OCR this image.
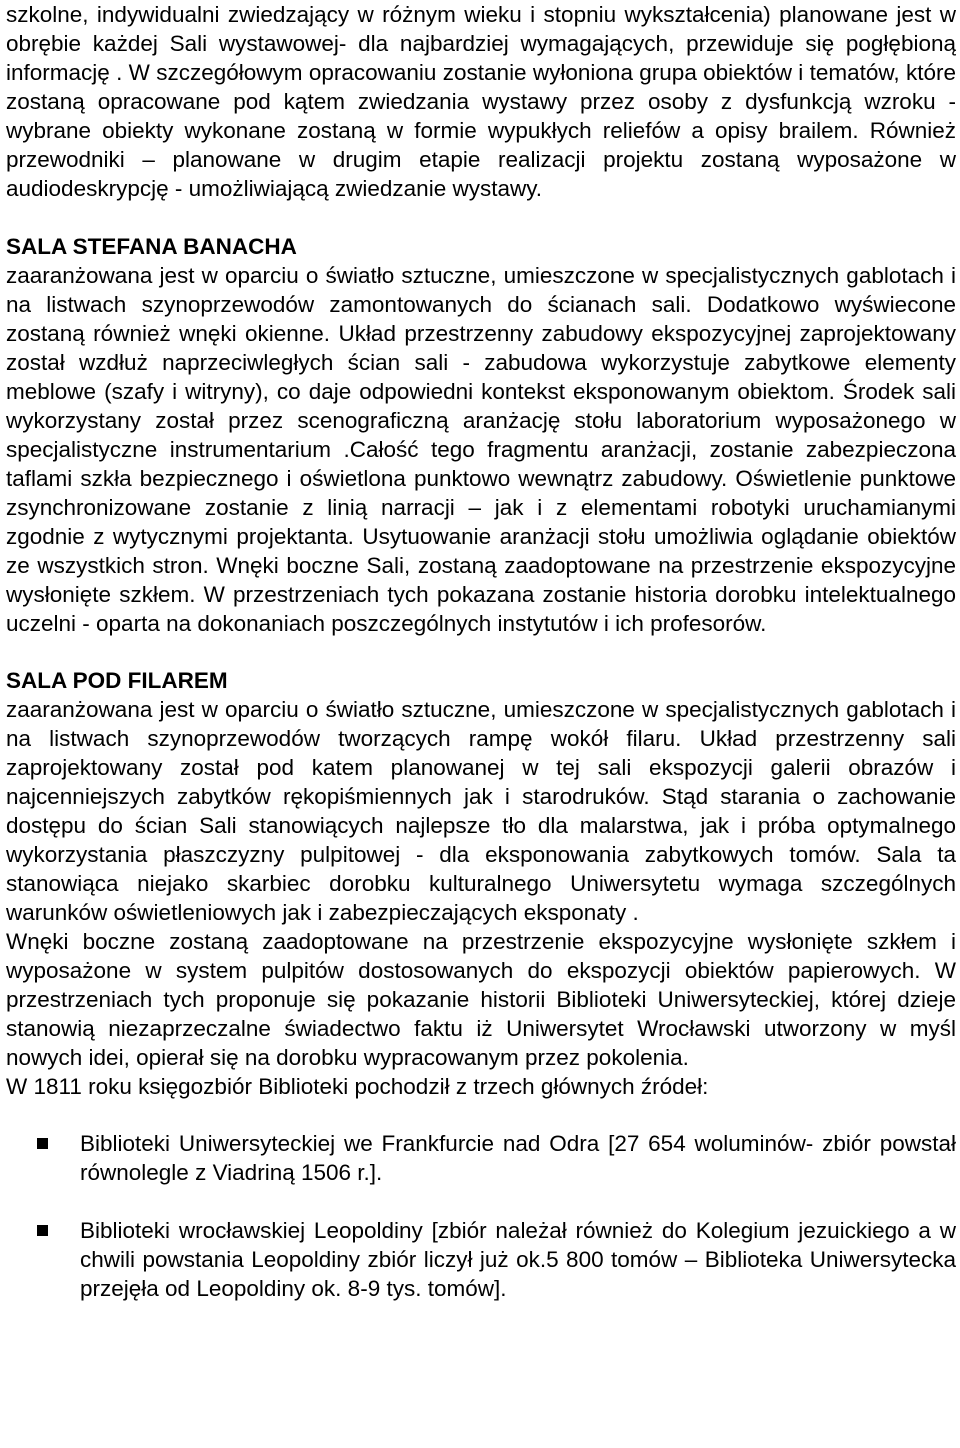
szkolne, indywidualni zwiedzający w różnym wieku i stopniu wykształcenia) planowane jest w obrębie każdej Sali wystawowej- dla najbardziej wymagających, przewiduje się pogłębioną informację . W szczegółowym opracowaniu zostanie wyłoniona grupa obiektów i tematów, które zostaną opracowane pod kątem zwiedzania wystawy przez osoby z dysfunkcją wzroku - wybrane obiekty wykonane zostaną w formie wypukłych reliefów a opisy brailem. Również przewodniki – planowane w drugim etapie realizacji projektu zostaną wyposażone w audiodeskrypcję - umożliwiającą zwiedzanie wystawy.

SALA STEFANA BANACHA

zaaranżowana jest w oparciu o światło sztuczne, umieszczone w specjalistycznych gablotach i na listwach szynoprzewodów zamontowanych do ścianach sali. Dodatkowo wyświecone zostaną również wnęki okienne. Układ przestrzenny zabudowy ekspozycyjnej zaprojektowany został wzdłuż naprzeciwległych ścian sali - zabudowa wykorzystuje zabytkowe elementy meblowe (szafy i witryny), co daje odpowiedni kontekst eksponowanym obiektom. Środek sali wykorzystany został przez scenograficzną aranżację stołu laboratorium wyposażonego w specjalistyczne instrumentarium .Całość tego fragmentu aranżacji, zostanie zabezpieczona taflami szkła bezpiecznego i oświetlona punktowo wewnątrz zabudowy. Oświetlenie punktowe zsynchronizowane zostanie z linią narracji – jak i z elementami robotyki uruchamianymi zgodnie z wytycznymi projektanta. Usytuowanie aranżacji stołu umożliwia oglądanie obiektów ze wszystkich stron. Wnęki boczne Sali, zostaną zaadoptowane na przestrzenie ekspozycyjne wysłonięte szkłem. W przestrzeniach tych pokazana zostanie historia dorobku intelektualnego uczelni - oparta na dokonaniach poszczególnych instytutów i ich profesorów.

SALA POD FILAREM

zaaranżowana jest w oparciu o światło sztuczne, umieszczone w specjalistycznych gablotach i na listwach szynoprzewodów tworzących rampę wokół filaru. Układ przestrzenny sali zaprojektowany został pod katem planowanej w tej sali ekspozycji galerii obrazów i najcenniejszych zabytków rękopiśmiennych jak i starodruków. Stąd starania o zachowanie dostępu do ścian Sali stanowiących najlepsze tło dla malarstwa, jak i próba optymalnego wykorzystania płaszczyzny pulpitowej - dla eksponowania zabytkowych tomów. Sala ta stanowiąca niejako skarbiec dorobku kulturalnego Uniwersytetu wymaga szczególnych warunków oświetleniowych jak i zabezpieczających eksponaty .

Wnęki boczne zostaną zaadoptowane na przestrzenie ekspozycyjne wysłonięte szkłem i wyposażone w system pulpitów dostosowanych do ekspozycji obiektów papierowych. W przestrzeniach tych proponuje się pokazanie historii Biblioteki Uniwersyteckiej, której dzieje stanowią niezaprzeczalne świadectwo faktu iż Uniwersytet Wrocławski utworzony w myśl nowych idei, opierał się na dorobku wypracowanym przez pokolenia.

W 1811 roku księgozbiór Biblioteki pochodził z trzech głównych źródeł:

Biblioteki Uniwersyteckiej we Frankfurcie nad Odra [27 654 woluminów- zbiór powstał równolegle z Viadriną 1506 r.].
Biblioteki wrocławskiej Leopoldiny [zbiór należał również do Kolegium jezuickiego a w chwili powstania Leopoldiny zbiór liczył już ok.5 800 tomów – Biblioteka Uniwersytecka przejęła od Leopoldiny ok. 8-9 tys. tomów].
